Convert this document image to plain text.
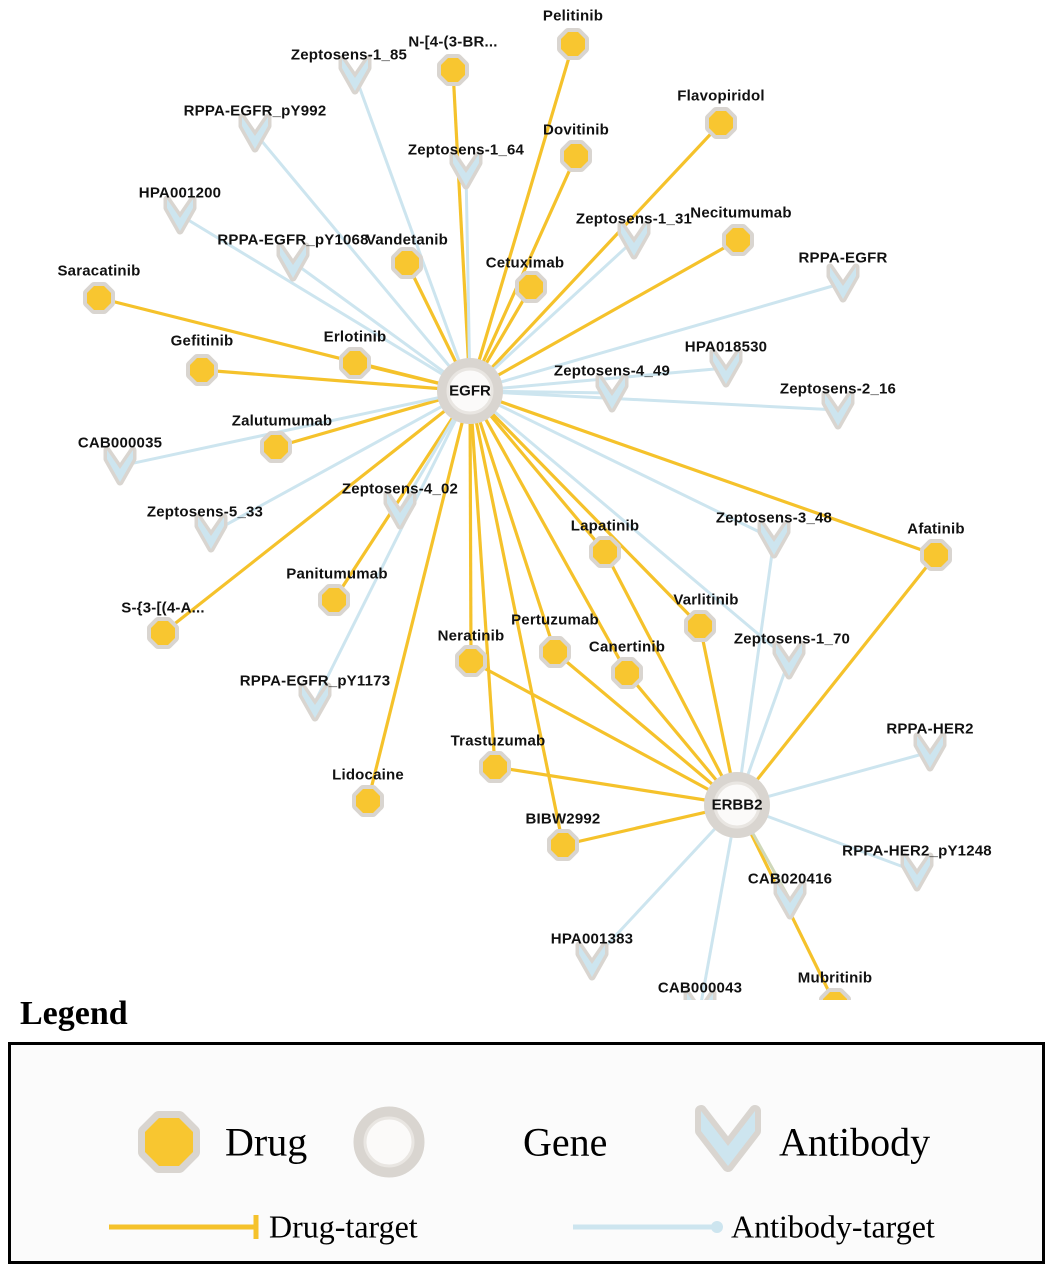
EGFR
ERBB2
Pelitinib
N-[4-(3-BR...
Flavopiridol
Dovitinib
Necitumumab
Vandetanib
Cetuximab
Saracatinib
Erlotinib
Gefitinib
Zalutumumab
Lapatinib	Afatinib
Panitumumab
Varlitinib
S-{3-[(4-A...
Pertuzumab
Neratinib
Canertinib
Trastuzumab
Lidocaine
BIBW2992
Mubritinib
Zeptosens-1_85
RPPA-EGFR_pY992
Zeptosens-1_64
HPA001200
Zeptosens-1_31
RPPA-EGFR_pY1068
RPPA-EGFR
HPA018530
Zeptosens-4_49
Zeptosens-2_16
CAB000035
Zeptosens-4_02
Zeptosens-5_33	Zeptosens-3_48
Zeptosens-1_70
RPPA-EGFR_pY1173
RPPA-HER2
RPPA-HER2_pY1248
CAB020416
HPA001383
CAB000043
Legend
Drug	Gene	Antibody
Drug-target	Antibody-target
